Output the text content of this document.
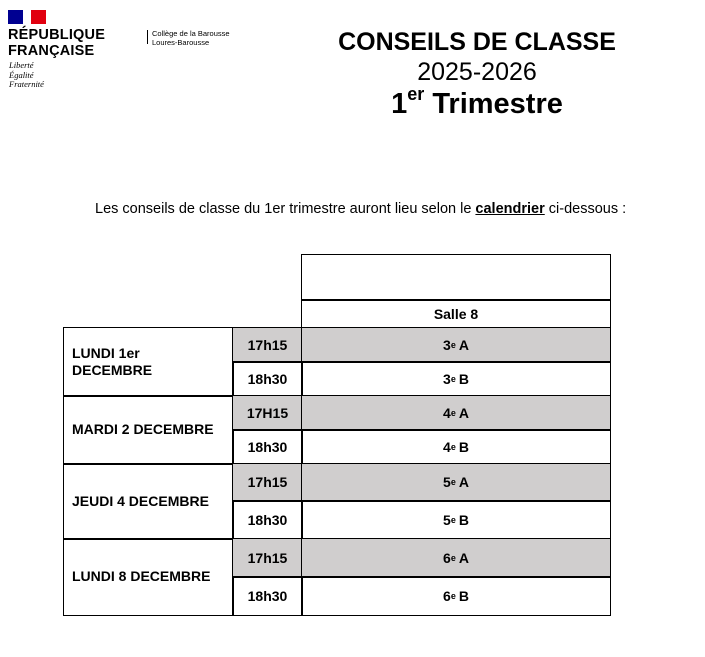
RÉPUBLIQUE
FRANÇAISE
Liberté
Égalité
Fraternité
Collège de la Barousse
Loures-Barousse	CONSEILS DE CLASSE
2025-2026
1er Trimestre
Les conseils de classe du 1er trimestre auront lieu selon le calendrier ci-dessous :
Salle 8
LUNDI 1er DECEMBRE
17h15	3 e A
18h30	3 e B
MARDI 2 DECEMBRE
17H15	4 e A
18h30	4 e B
JEUDI 4 DECEMBRE
17h15	5 e A
18h30	5 e B
LUNDI 8 DECEMBRE
17h15	6 e A
18h30	6 e B
